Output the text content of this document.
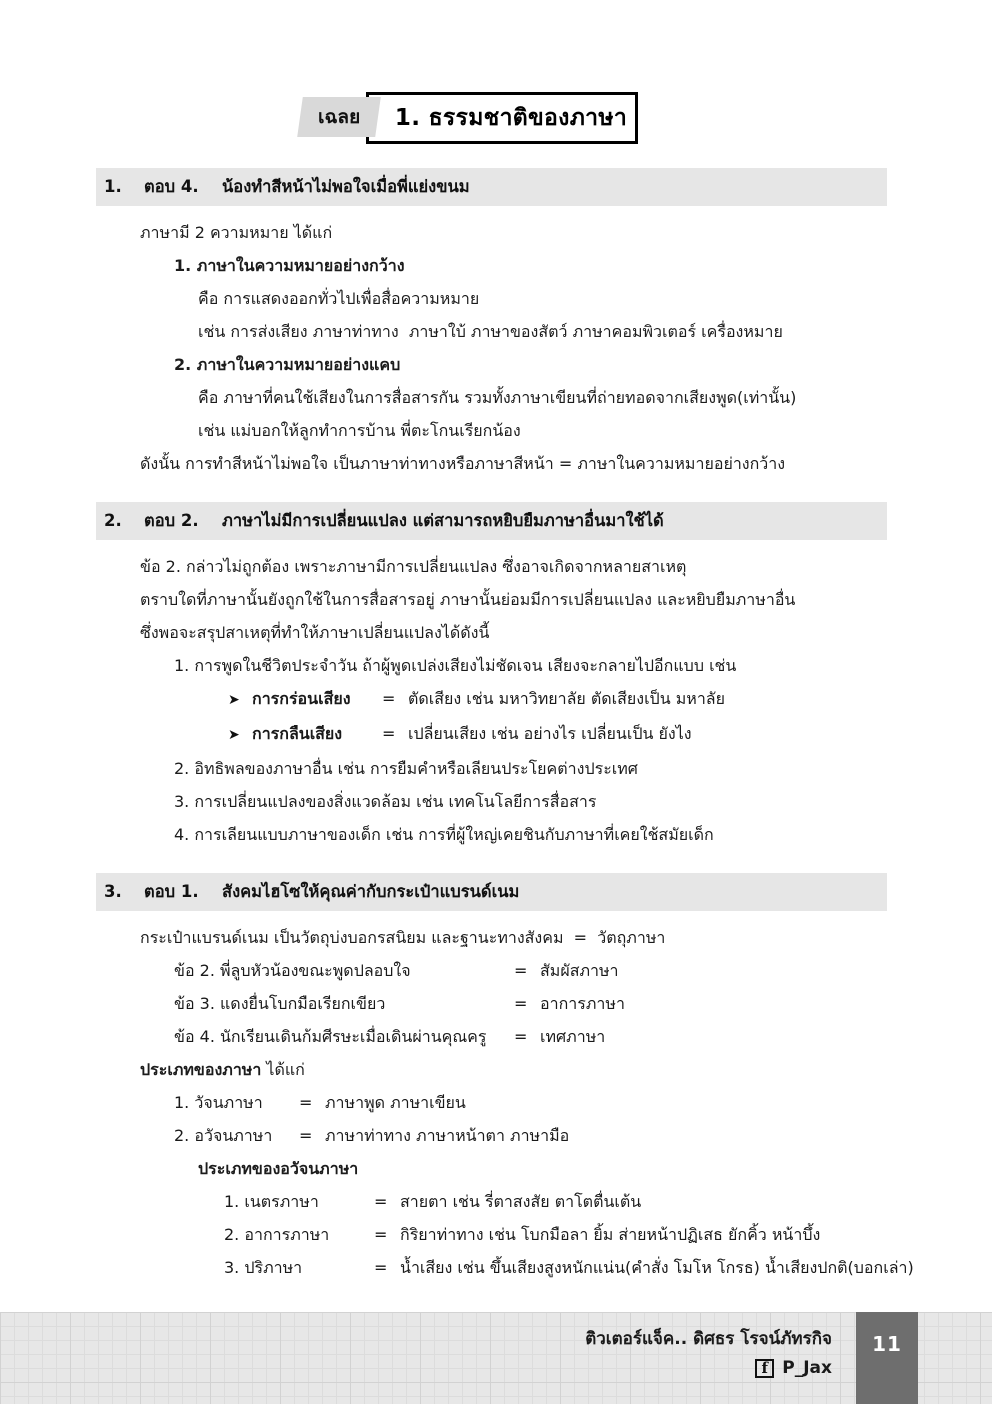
1. ธรรมชาติของภาษา
เฉลย
1.	ตอบ 4.	น้องทำสีหน้าไม่พอใจเมื่อพี่แย่งขนม
ภาษามี 2 ความหมาย ได้แก่
1. ภาษาในความหมายอย่างกว้าง
คือ การแสดงออกทั่วไปเพื่อสื่อความหมาย
เช่น การส่งเสียง ภาษาท่าทาง  ภาษาใบ้ ภาษาของสัตว์ ภาษาคอมพิวเตอร์ เครื่องหมาย
2. ภาษาในความหมายอย่างแคบ
คือ ภาษาที่คนใช้เสียงในการสื่อสารกัน รวมทั้งภาษาเขียนที่ถ่ายทอดจากเสียงพูด(เท่านั้น)
เช่น แม่บอกให้ลูกทำการบ้าน พี่ตะโกนเรียกน้อง
ดังนั้น การทำสีหน้าไม่พอใจ เป็นภาษาท่าทางหรือภาษาสีหน้า = ภาษาในความหมายอย่างกว้าง
2.	ตอบ 2.	ภาษาไม่มีการเปลี่ยนแปลง แต่สามารถหยิบยืมภาษาอื่นมาใช้ได้
ข้อ 2. กล่าวไม่ถูกต้อง เพราะภาษามีการเปลี่ยนแปลง ซึ่งอาจเกิดจากหลายสาเหตุ
ตราบใดที่ภาษานั้นยังถูกใช้ในการสื่อสารอยู่ ภาษานั้นย่อมมีการเปลี่ยนแปลง และหยิบยืมภาษาอื่น
ซึ่งพอจะสรุปสาเหตุที่ทำให้ภาษาเปลี่ยนแปลงได้ดังนี้
1. การพูดในชีวิตประจำวัน ถ้าผู้พูดเปล่งเสียงไม่ชัดเจน เสียงจะกลายไปอีกแบบ เช่น
➤ การกร่อนเสียง	= ตัดเสียง เช่น มหาวิทยาลัย ตัดเสียงเป็น มหาลัย
➤ การกลืนเสียง	= เปลี่ยนเสียง เช่น อย่างไร เปลี่ยนเป็น ยังไง
2. อิทธิพลของภาษาอื่น เช่น การยืมคำหรือเลียนประโยคต่างประเทศ
3. การเปลี่ยนแปลงของสิ่งแวดล้อม เช่น เทคโนโลยีการสื่อสาร
4. การเลียนแบบภาษาของเด็ก เช่น การที่ผู้ใหญ่เคยชินกับภาษาที่เคยใช้สมัยเด็ก
3.	ตอบ 1.	สังคมไฮโซให้คุณค่ากับกระเป๋าแบรนด์เนม
กระเป๋าแบรนด์เนม เป็นวัตถุบ่งบอกรสนิยม และฐานะทางสังคม  =  วัตถุภาษา
ข้อ 2. พี่ลูบหัวน้องขณะพูดปลอบใจ	= สัมผัสภาษา
ข้อ 3. แดงยื่นโบกมือเรียกเขียว	= อาการภาษา
ข้อ 4. นักเรียนเดินก้มศีรษะเมื่อเดินผ่านคุณครู	= เทศภาษา
ประเภทของภาษา ได้แก่
1. วัจนภาษา	= ภาษาพูด ภาษาเขียน
2. อวัจนภาษา	= ภาษาท่าทาง ภาษาหน้าตา ภาษามือ
ประเภทของอวัจนภาษา
1. เนตรภาษา	= สายตา เช่น รี่ตาสงสัย ตาโตตื่นเต้น
2. อาการภาษา	= กิริยาท่าทาง เช่น โบกมือลา ยิ้ม ส่ายหน้าปฏิเสธ ยักคิ้ว หน้าบึ้ง
3. ปริภาษา	= น้ำเสียง เช่น ขึ้นเสียงสูงหนักแน่น(คำสั่ง โมโห โกรธ) น้ำเสียงปกติ(บอกเล่า)
ติวเตอร์แจ็ค.. ดิศธร โรจน์ภัทรกิจ
f P_Jax
11
